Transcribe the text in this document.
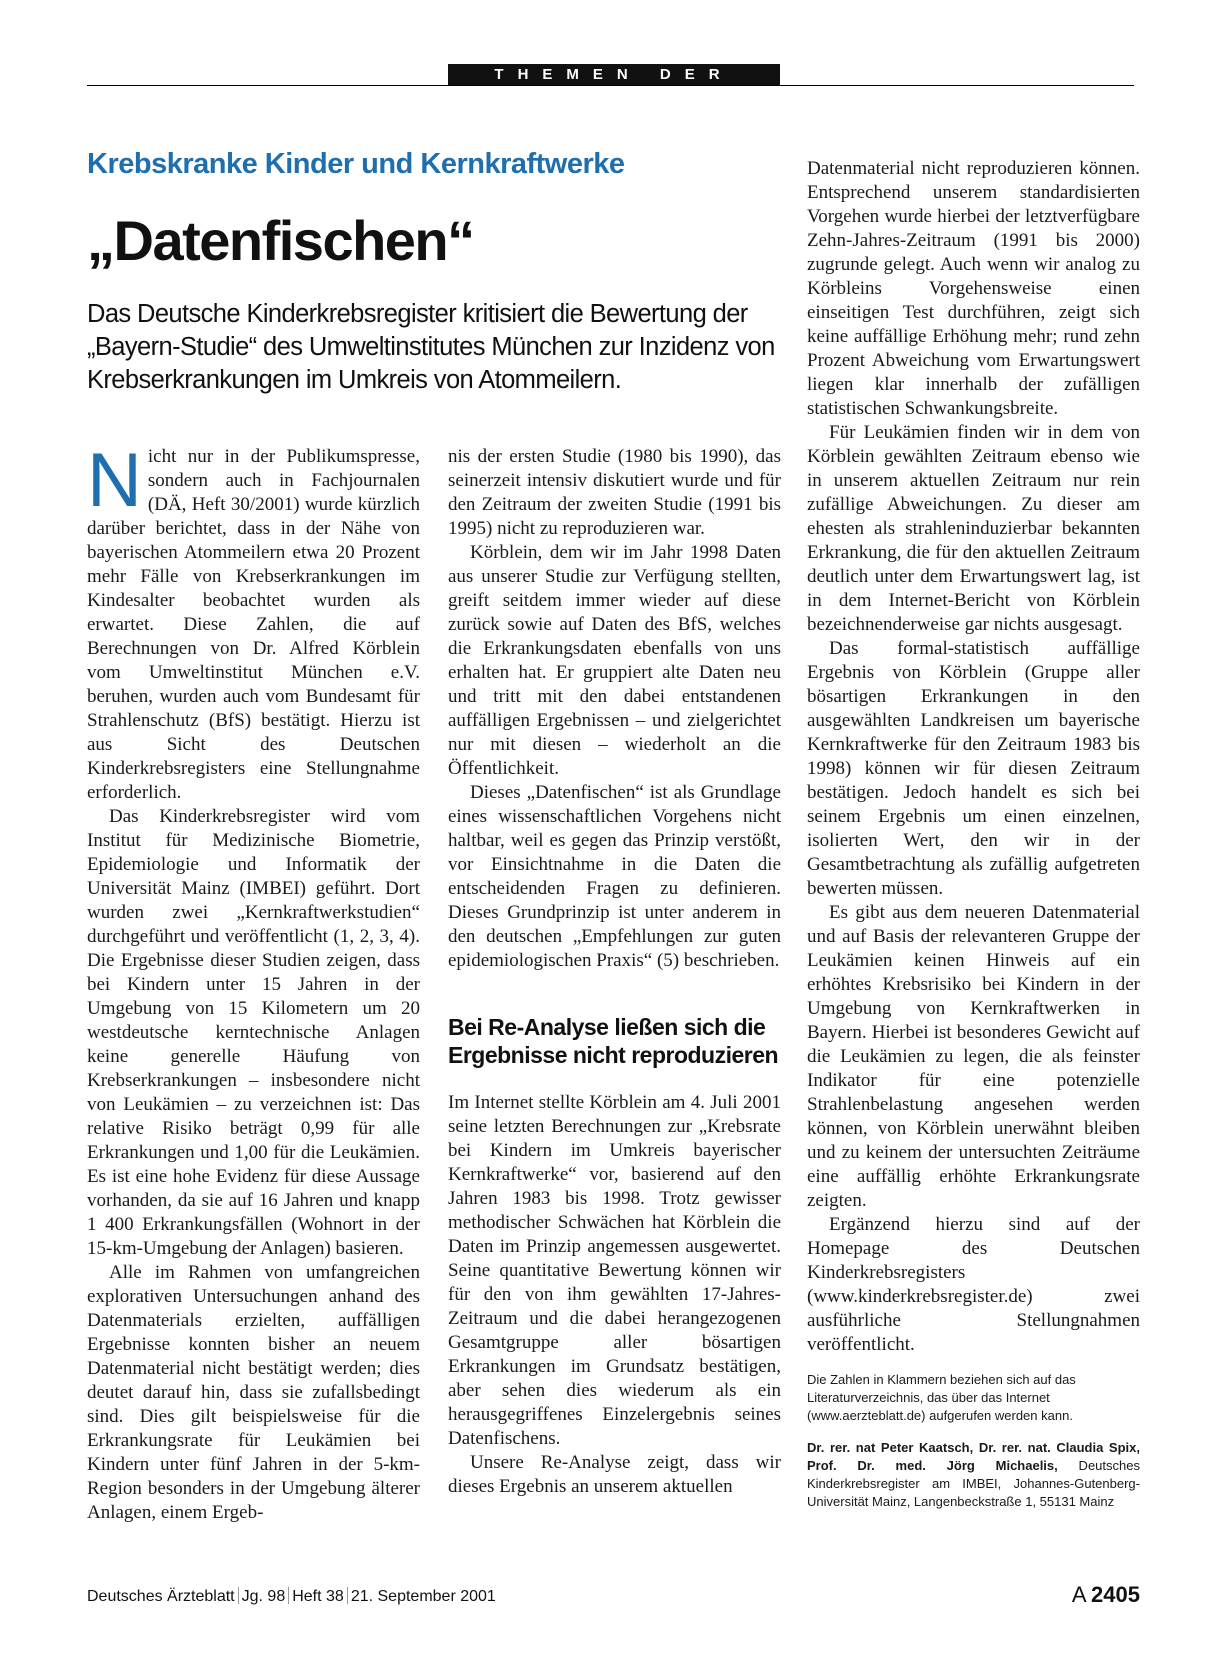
THEMEN DER ZEIT
Krebskranke Kinder und Kernkraftwerke
„Datenfischen“
Das Deutsche Kinderkrebsregister kritisiert die Bewertung der „Bayern-Studie“ des Umweltinstitutes München zur Inzidenz von Krebserkrankungen im Umkreis von Atommeilern.

Nicht nur in der Publikumspresse, sondern auch in Fachjournalen (DÄ, Heft 30/2001) wurde kürzlich darüber berichtet, dass in der Nähe von bayerischen Atommeilern etwa 20 Prozent mehr Fälle von Krebserkrankungen im Kindesalter beobachtet wurden als erwartet. Diese Zahlen, die auf Berechnungen von Dr. Alfred Körblein vom Umweltinstitut München e.V. beruhen, wurden auch vom Bundesamt für Strahlenschutz (BfS) bestätigt. Hierzu ist aus Sicht des Deutschen Kinderkrebsregisters eine Stellungnahme erforderlich.

Das Kinderkrebsregister wird vom Institut für Medizinische Biometrie, Epidemiologie und Informatik der Universität Mainz (IMBEI) geführt. Dort wurden zwei „Kernkraftwerkstudien“ durchgeführt und veröffentlicht (1, 2, 3, 4). Die Ergebnisse dieser Studien zeigen, dass bei Kindern unter 15 Jahren in der Umgebung von 15 Kilometern um 20 westdeutsche kerntechnische Anlagen keine generelle Häufung von Krebserkrankungen – insbesondere nicht von Leukämien – zu verzeichnen ist: Das relative Risiko beträgt 0,99 für alle Erkrankungen und 1,00 für die Leukämien. Es ist eine hohe Evidenz für diese Aussage vorhanden, da sie auf 16 Jahren und knapp 1 400 Erkrankungsfällen (Wohnort in der 15-km-Umgebung der Anlagen) basieren.

Alle im Rahmen von umfangreichen explorativen Untersuchungen anhand des Datenmaterials erzielten, auffälligen Ergebnisse konnten bisher an neuem Datenmaterial nicht bestätigt werden; dies deutet darauf hin, dass sie zufallsbedingt sind. Dies gilt beispielsweise für die Erkrankungsrate für Leukämien bei Kindern unter fünf Jahren in der 5-km-Region besonders in der Umgebung älterer Anlagen, einem Ergeb-

nis der ersten Studie (1980 bis 1990), das seinerzeit intensiv diskutiert wurde und für den Zeitraum der zweiten Studie (1991 bis 1995) nicht zu reproduzieren war.

Körblein, dem wir im Jahr 1998 Daten aus unserer Studie zur Verfügung stellten, greift seitdem immer wieder auf diese zurück sowie auf Daten des BfS, welches die Erkrankungsdaten ebenfalls von uns erhalten hat. Er gruppiert alte Daten neu und tritt mit den dabei entstandenen auffälligen Ergebnissen – und zielgerichtet nur mit diesen – wiederholt an die Öffentlichkeit.

Dieses „Datenfischen“ ist als Grundlage eines wissenschaftlichen Vorgehens nicht haltbar, weil es gegen das Prinzip verstößt, vor Einsichtnahme in die Daten die entscheidenden Fragen zu definieren. Dieses Grundprinzip ist unter anderem in den deutschen „Empfehlungen zur guten epidemiologischen Praxis“ (5) beschrieben.

Bei Re-Analyse ließen sich die Ergebnisse nicht reproduzieren

Im Internet stellte Körblein am 4. Juli 2001 seine letzten Berechnungen zur „Krebsrate bei Kindern im Umkreis bayerischer Kernkraftwerke“ vor, basierend auf den Jahren 1983 bis 1998. Trotz gewisser methodischer Schwächen hat Körblein die Daten im Prinzip angemessen ausgewertet. Seine quantitative Bewertung können wir für den von ihm gewählten 17-Jahres-Zeitraum und die dabei herangezogenen Gesamtgruppe aller bösartigen Erkrankungen im Grundsatz bestätigen, aber sehen dies wiederum als ein herausgegriffenes Einzelergebnis seines Datenfischens.

Unsere Re-Analyse zeigt, dass wir dieses Ergebnis an unserem aktuellen

Datenmaterial nicht reproduzieren können. Entsprechend unserem standardisierten Vorgehen wurde hierbei der letztverfügbare Zehn-Jahres-Zeitraum (1991 bis 2000) zugrunde gelegt. Auch wenn wir analog zu Körbleins Vorgehensweise einen einseitigen Test durchführen, zeigt sich keine auffällige Erhöhung mehr; rund zehn Prozent Abweichung vom Erwartungswert liegen klar innerhalb der zufälligen statistischen Schwankungsbreite.

Für Leukämien finden wir in dem von Körblein gewählten Zeitraum ebenso wie in unserem aktuellen Zeitraum nur rein zufällige Abweichungen. Zu dieser am ehesten als strahleninduzierbar bekannten Erkrankung, die für den aktuellen Zeitraum deutlich unter dem Erwartungswert lag, ist in dem Internet-Bericht von Körblein bezeichnenderweise gar nichts ausgesagt.

Das formal-statistisch auffällige Ergebnis von Körblein (Gruppe aller bösartigen Erkrankungen in den ausgewählten Landkreisen um bayerische Kernkraftwerke für den Zeitraum 1983 bis 1998) können wir für diesen Zeitraum bestätigen. Jedoch handelt es sich bei seinem Ergebnis um einen einzelnen, isolierten Wert, den wir in der Gesamtbetrachtung als zufällig aufgetreten bewerten müssen.

Es gibt aus dem neueren Datenmaterial und auf Basis der relevanteren Gruppe der Leukämien keinen Hinweis auf ein erhöhtes Krebsrisiko bei Kindern in der Umgebung von Kernkraftwerken in Bayern. Hierbei ist besonderes Gewicht auf die Leukämien zu legen, die als feinster Indikator für eine potenzielle Strahlenbelastung angesehen werden können, von Körblein unerwähnt bleiben und zu keinem der untersuchten Zeiträume eine auffällig erhöhte Erkrankungsrate zeigten.

Ergänzend hierzu sind auf der Homepage des Deutschen Kinderkrebsregisters (www.kinderkrebsregister.de) zwei ausführliche Stellungnahmen veröffentlicht.

Die Zahlen in Klammern beziehen sich auf das Literaturverzeichnis, das über das Internet (www.aerzteblatt.de) aufgerufen werden kann.
Dr. rer. nat Peter Kaatsch, Dr. rer. nat. Claudia Spix, Prof. Dr. med. Jörg Michaelis, Deutsches Kinderkrebsregister am IMBEI, Johannes-Gutenberg-Universität Mainz, Langenbeckstraße 1, 55131 Mainz
Deutsches Ärzteblatt Jg. 98 Heft 38 21. September 2001	A 2405
